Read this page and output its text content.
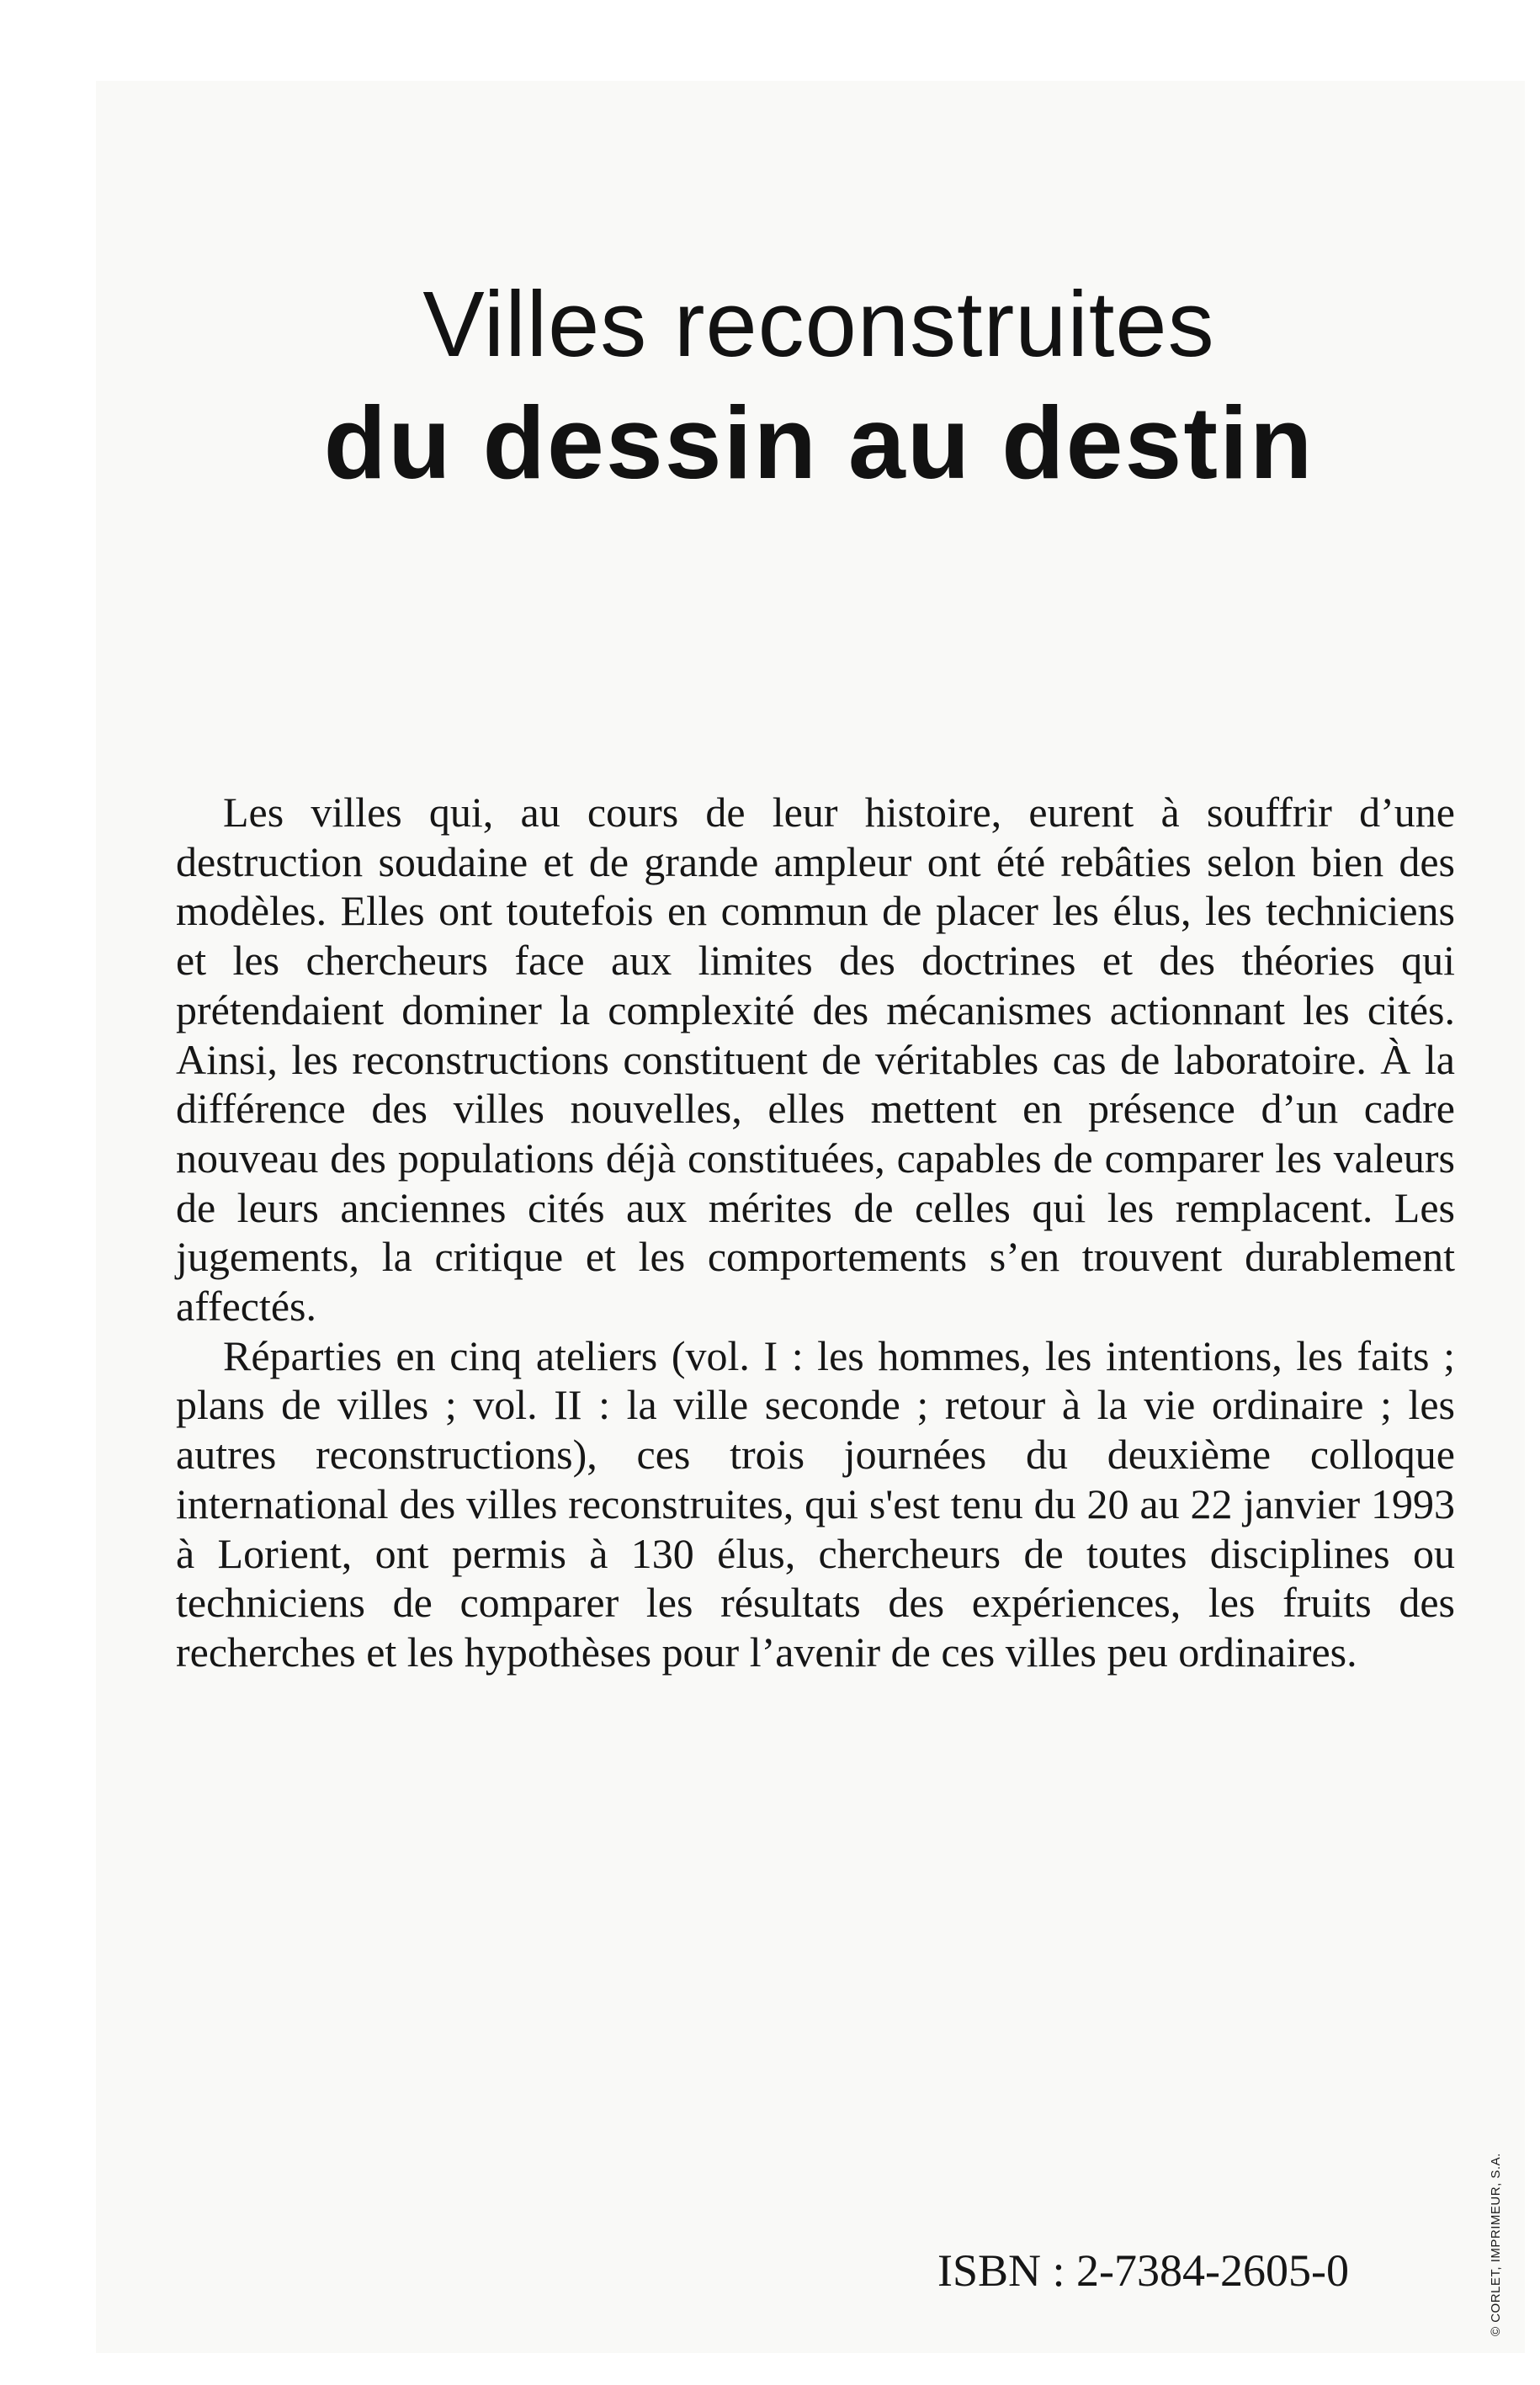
Villes reconstruites
du dessin au destin

Les villes qui, au cours de leur histoire, eurent à souffrir d’une destruction soudaine et de grande ampleur ont été rebâties selon bien des modèles. Elles ont toutefois en commun de placer les élus, les techniciens et les chercheurs face aux limites des doctrines et des théories qui prétendaient dominer la complexité des mécanismes actionnant les cités. Ainsi, les reconstructions constituent de véritables cas de laboratoire. À la différence des villes nouvelles, elles mettent en présence d’un cadre nouveau des populations déjà constituées, capables de comparer les valeurs de leurs anciennes cités aux mérites de celles qui les remplacent. Les jugements, la critique et les comportements s’en trouvent durablement affectés.

Réparties en cinq ateliers (vol. I : les hommes, les intentions, les faits ; plans de villes ; vol. II : la ville seconde ; retour à la vie ordinaire ; les autres reconstructions), ces trois journées du deuxième colloque international des villes reconstruites, qui s'est tenu du 20 au 22 janvier 1993 à Lorient, ont permis à 130 élus, chercheurs de toutes disciplines ou techniciens de comparer les résultats des expériences, les fruits des recherches et les hypothèses pour l’avenir de ces villes peu ordinaires.

ISBN : 2-7384-2605-0	© CORLET, IMPRIMEUR, S.A.
